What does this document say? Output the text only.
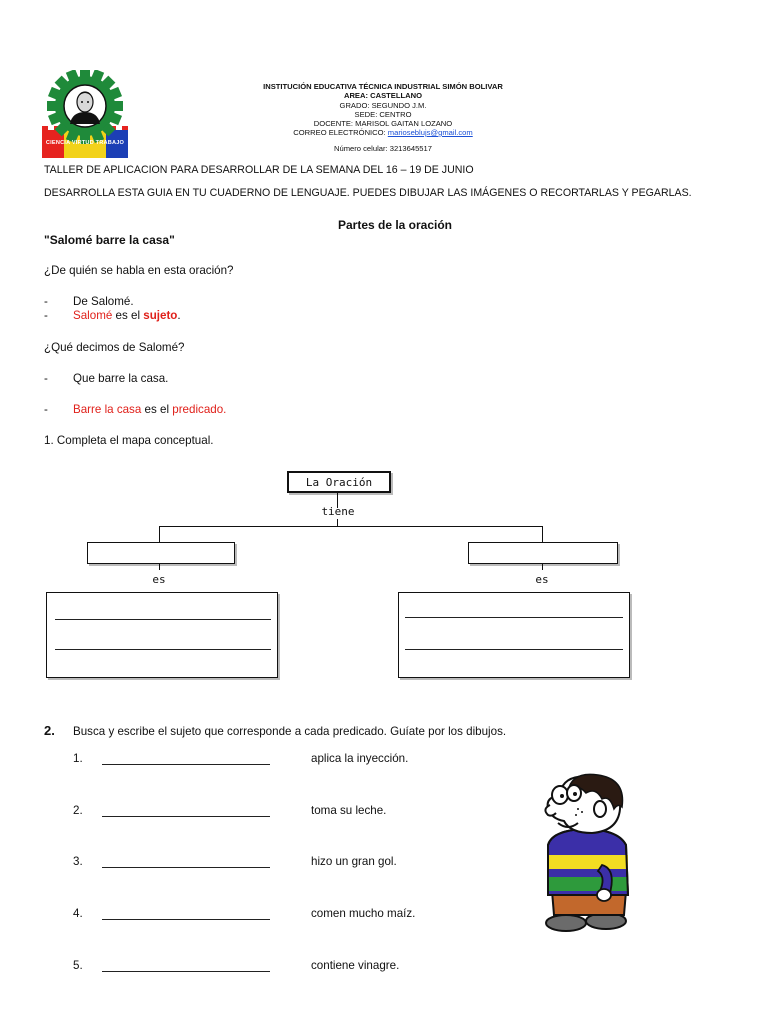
CIENCIA VIRTUD TRABAJO
INSTITUCIÓN EDUCATIVA TÉCNICA INDUSTRIAL SIMÓN BOLIVAR
AREA: CASTELLANO
GRADO: SEGUNDO J.M.
SEDE: CENTRO
DOCENTE: MARISOL GAITAN LOZANO
CORREO ELECTRÓNICO: marioseblujs@gmail.com
Número celular: 3213645517
TALLER DE APLICACION PARA DESARROLLAR DE LA SEMANA DEL 16 – 19 DE JUNIO
DESARROLLA ESTA GUIA EN TU CUADERNO DE LENGUAJE. PUEDES DIBUJAR LAS IMÁGENES O RECORTARLAS Y PEGARLAS.
Partes de la oración
"Salomé barre la casa"
¿De quién se habla en esta oración?
- De Salomé.
- Salomé es el sujeto.
¿Qué decimos de Salomé?
- Que barre la casa.
- Barre la casa es el predicado.
1. Completa el mapa conceptual.
La Oración
tiene
es	es
2. Busca y escribe el sujeto que corresponde a cada predicado. Guíate por los dibujos.
1.	aplica la inyección.
2.	toma su leche.
3.	hizo un gran gol.
4.	comen mucho maíz.
5.	contiene vinagre.
